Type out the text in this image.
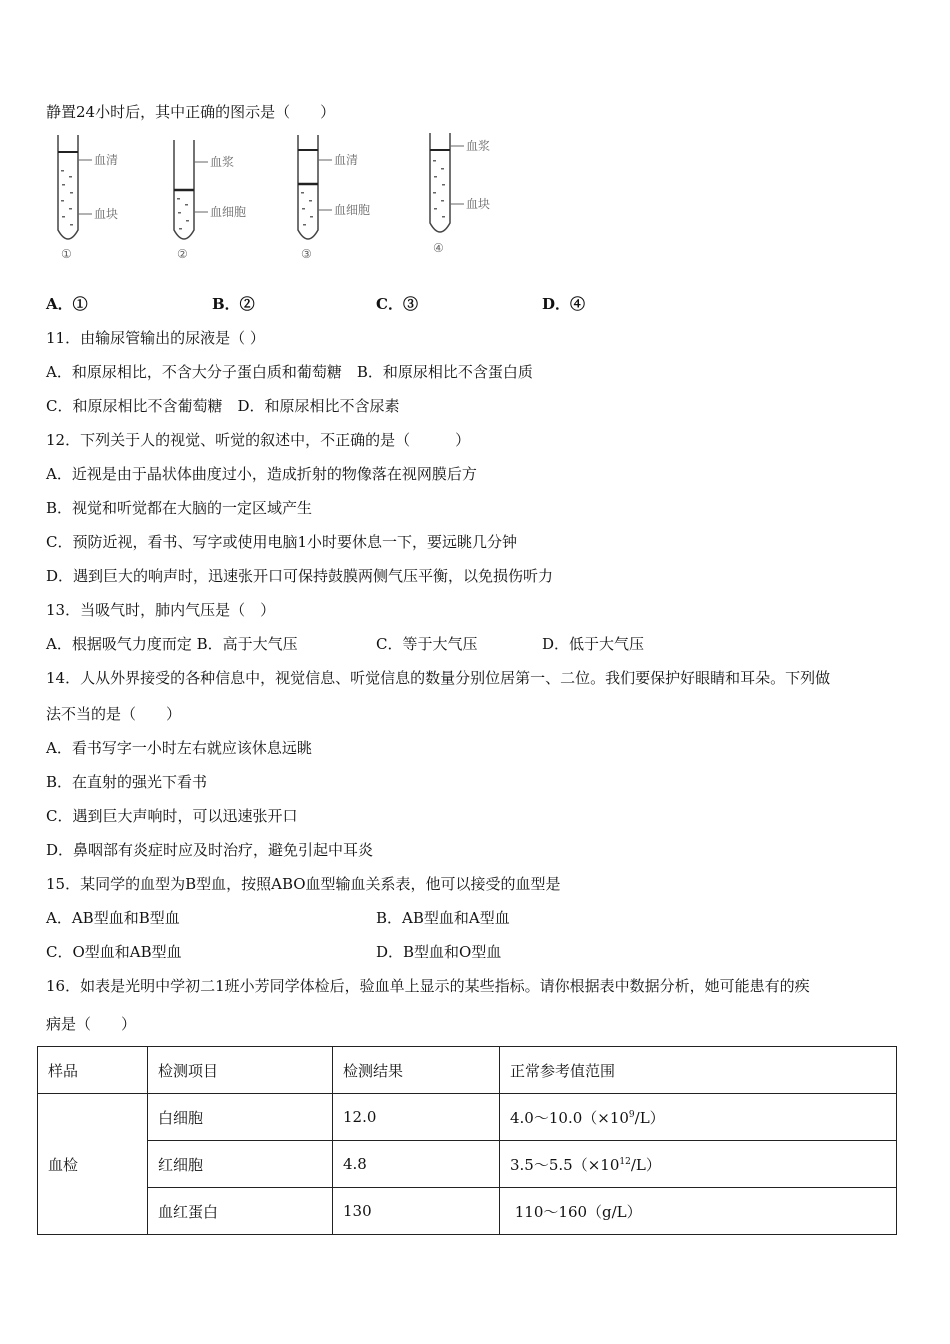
静置24小时后，其中正确的图示是（　　）
血清
血块
①
血浆
血细胞
②
血清
血细胞
③
血浆
血块
④
A．①	B．②	C．③	D．④
11．由输尿管输出的尿液是（ ）
A．和原尿相比，不含大分子蛋白质和葡萄糖　B．和原尿相比不含蛋白质
C．和原尿相比不含葡萄糖　D．和原尿相比不含尿素
12．下列关于人的视觉、听觉的叙述中，不正确的是（　　　）
A．近视是由于晶状体曲度过小，造成折射的物像落在视网膜后方
B．视觉和听觉都在大脑的一定区域产生
C．预防近视，看书、写字或使用电脑1小时要休息一下，要远眺几分钟
D．遇到巨大的响声时，迅速张开口可保持鼓膜两侧气压平衡，以免损伤听力
13．当吸气时，肺内气压是（　）
A．根据吸气力度而定 B．高于大气压	C．等于大气压	D．低于大气压
14．人从外界接受的各种信息中，视觉信息、听觉信息的数量分别位居第一、二位。我们要保护好眼睛和耳朵。下列做
法不当的是（　　）
A．看书写字一小时左右就应该休息远眺
B．在直射的强光下看书
C．遇到巨大声响时，可以迅速张开口
D．鼻咽部有炎症时应及时治疗，避免引起中耳炎
15．某同学的血型为B型血，按照ABO血型输血关系表，他可以接受的血型是
A．AB型血和B型血	B．AB型血和A型血
C．O型血和AB型血	D．B型血和O型血
16．如表是光明中学初二1班小芳同学体检后，验血单上显示的某些指标。请你根据表中数据分析，她可能患有的疾
病是（　　）
样品	检测项目	检测结果	正常参考值范围
血检	白细胞	12.0	$4.0\sim 10.0(\times 10^9/L)$
	红细胞	4.8	$3.5\sim 5.5(\times 10^{12}/L)$
	血红蛋白	130	110～160（g/L）
